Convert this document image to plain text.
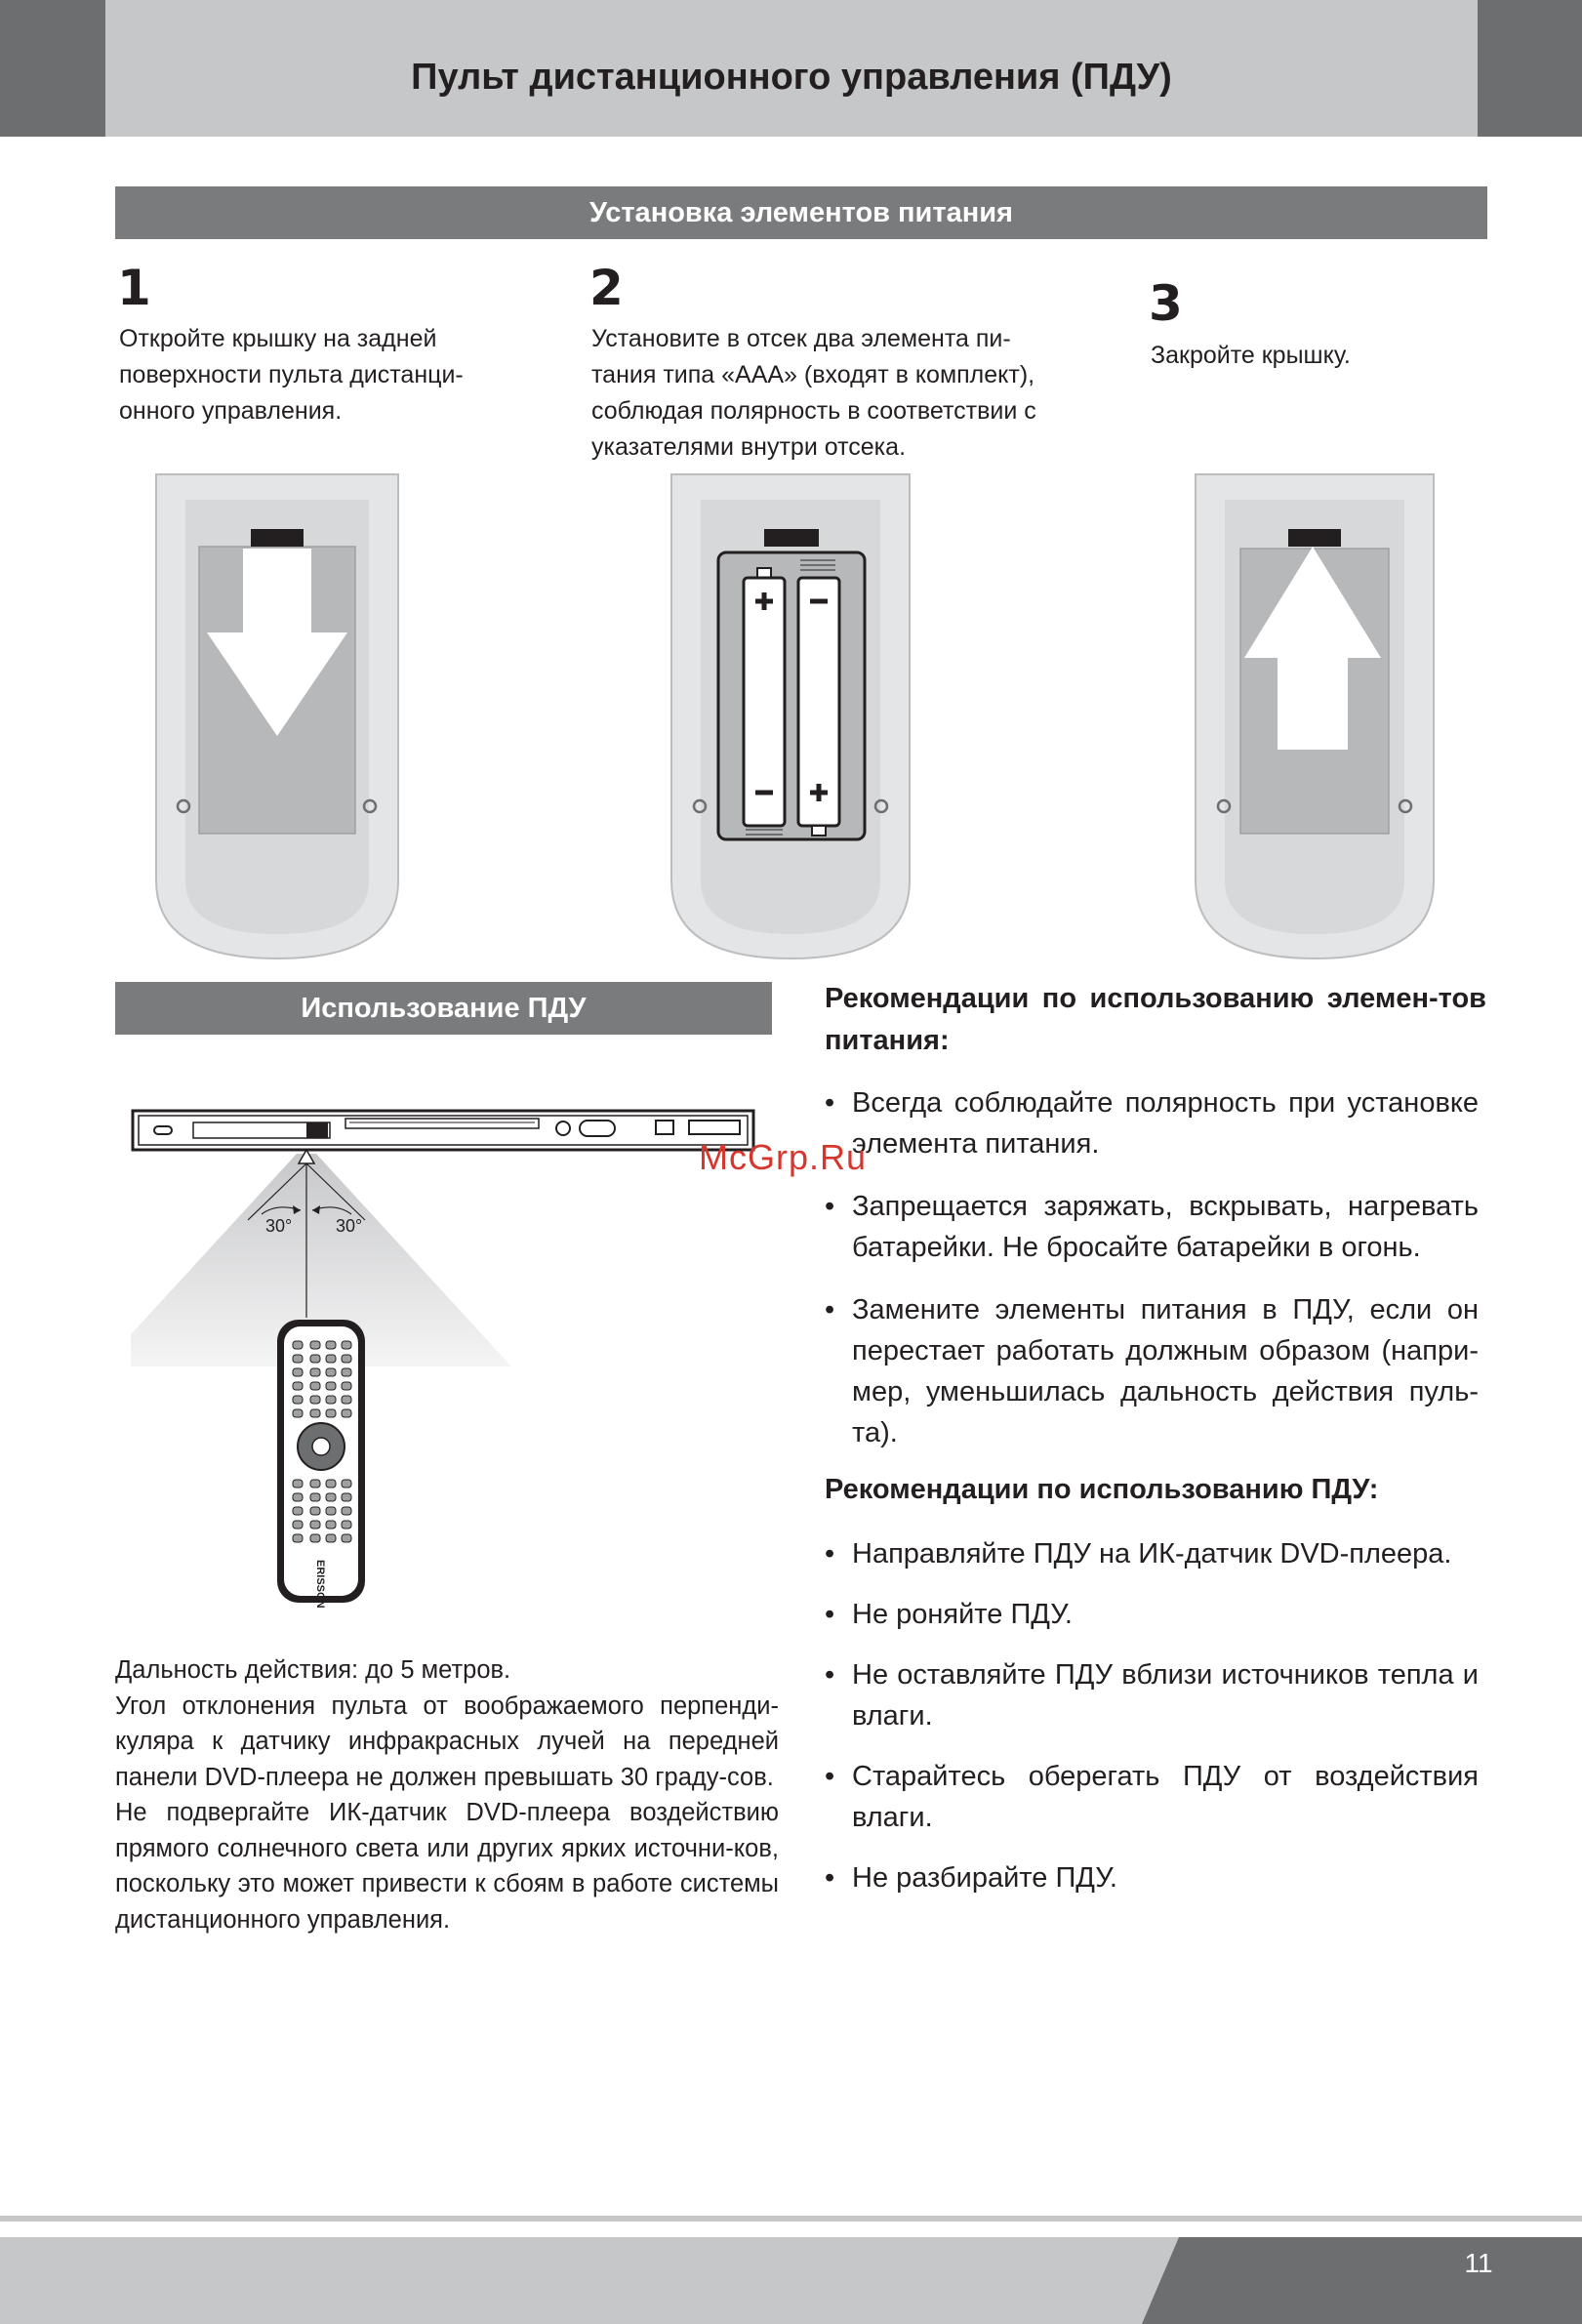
Пульт дистанционного управления (ПДУ)
Установка элементов питания
1
Откройте крышку на задней поверхности пульта дистанци-онного управления.
2
Установите в отсек два элемента пи-тания типа «ААА» (входят в комплект), соблюдая полярность в соответствии с указателями внутри отсека.
3
Закройте крышку.
Использование ПДУ
30° 30°
ERISSON

Дальность действия: до 5 метров.

Угол отклонения пульта от воображаемого перпенди-куляра к датчику инфракрасных лучей на передней панели DVD-плеера не должен превышать 30 граду-сов.

Не подвергайте ИК-датчик DVD-плеера воздействию прямого солнечного света или других ярких источни-ков, поскольку это может привести к сбоям в работе системы дистанционного управления.

Рекомендации по использованию элемен-тов питания:
• Всегда соблюдайте полярность при установке элемента питания.
• Запрещается заряжать, вскрывать, нагревать батарейки. Не бросайте батарейки в огонь.
• Замените элементы питания в ПДУ, если он перестает работать должным образом (напри-мер, уменьшилась дальность действия пуль-та).
Рекомендации по использованию ПДУ:
• Направляйте ПДУ на ИК-датчик DVD-плеера.
• Не роняйте ПДУ.
• Не оставляйте ПДУ вблизи источников тепла и влаги.
• Старайтесь оберегать ПДУ от воздействия влаги.
• Не разбирайте ПДУ.
McGrp.Ru
11
